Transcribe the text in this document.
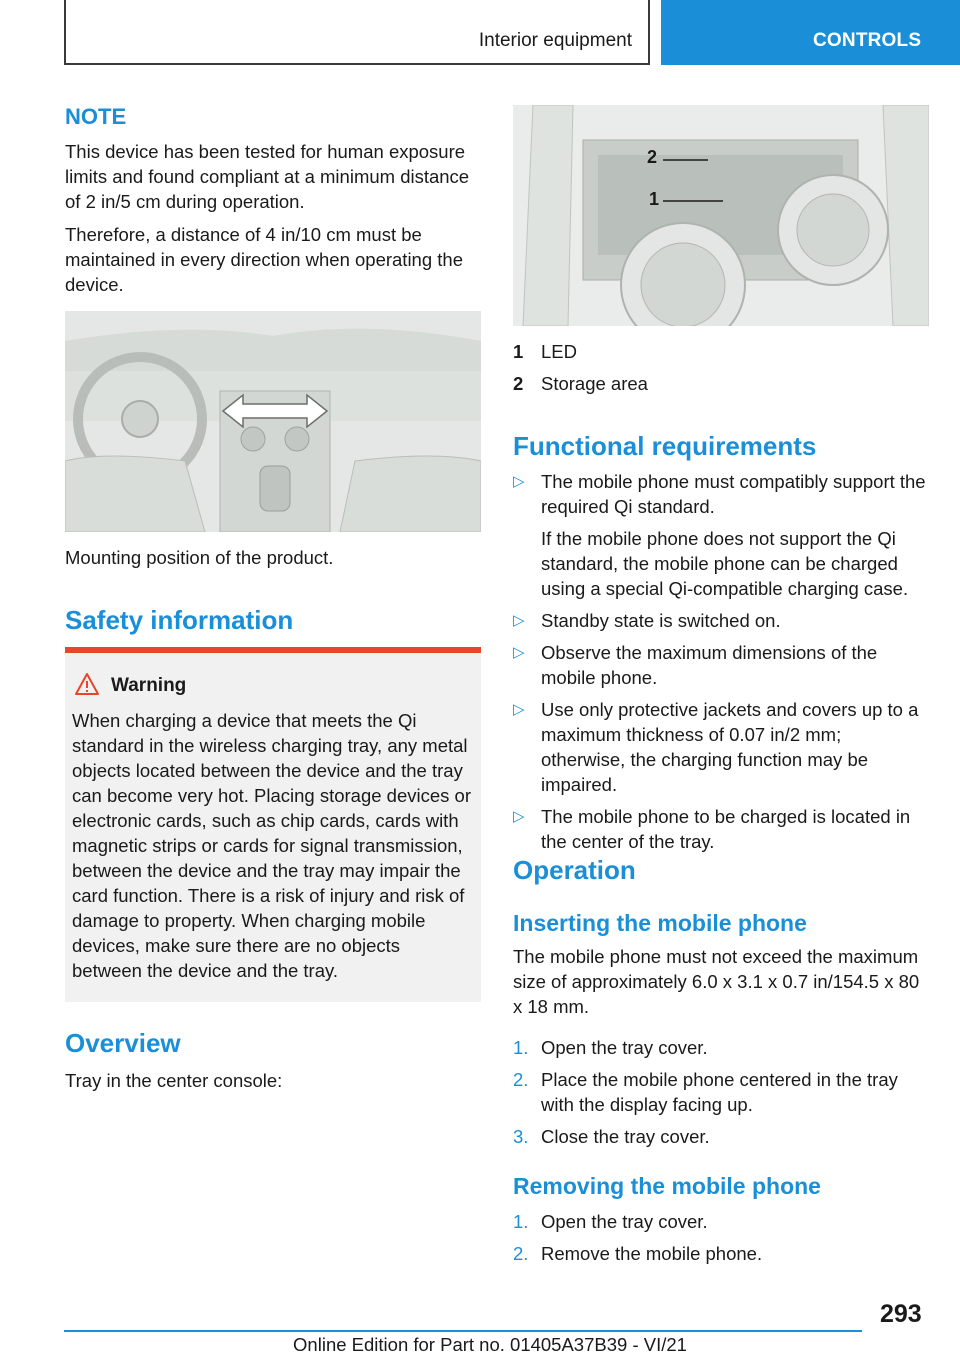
Interior equipment	CONTROLS
NOTE
This device has been tested for human exposure limits and found compliant at a minimum distance of 2 in/5 cm during operation.
Therefore, a distance of 4 in/10 cm must be maintained in every direction when operating the device.
Mounting position of the product.
Safety information
Warning
When charging a device that meets the Qi standard in the wireless charging tray, any metal objects located between the device and the tray can become very hot. Placing storage devices or electronic cards, such as chip cards, cards with magnetic strips or cards for signal transmission, between the device and the tray may impair the card function. There is a risk of injury and risk of damage to property. When charging mobile devices, make sure there are no objects between the device and the tray.
Overview
Tray in the center console:
2
1
1 LED
2 Storage area
Functional requirements
▷ The mobile phone must compatibly support the required Qi standard.
If the mobile phone does not support the Qi standard, the mobile phone can be charged using a special Qi-compatible charging case.
▷ Standby state is switched on.
▷ Observe the maximum dimensions of the mobile phone.
▷ Use only protective jackets and covers up to a maximum thickness of 0.07 in/2 mm; otherwise, the charging function may be impaired.
▷ The mobile phone to be charged is located in the center of the tray.
Operation
Inserting the mobile phone
The mobile phone must not exceed the maximum size of approximately 6.0 x 3.1 x 0.7 in/154.5 x 80 x 18 mm.
1. Open the tray cover.
2. Place the mobile phone centered in the tray with the display facing up.
3. Close the tray cover.
Removing the mobile phone
1. Open the tray cover.
2. Remove the mobile phone.
293
Online Edition for Part no. 01405A37B39 - VI/21
